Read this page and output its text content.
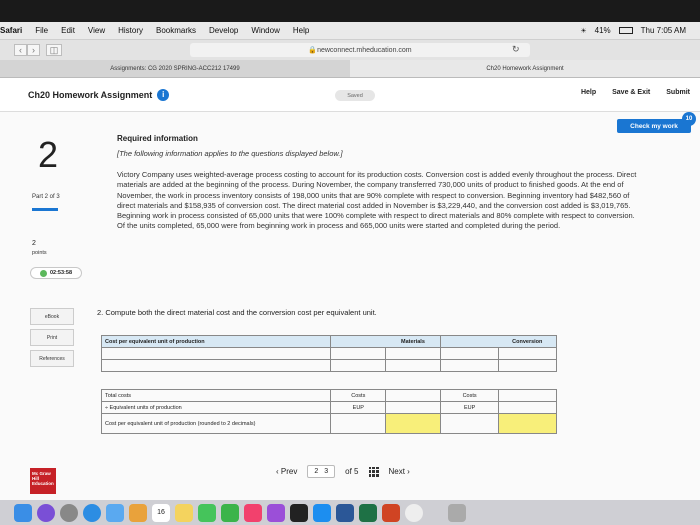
Safari File Edit View History Bookmarks Develop Window Help	☀ 41%	Thu 7:05 AM
‹	›	◫	🔒 newconnect.mheducation.com	↻
Assignments: CG 2020 SPRING-ACC212 17499	Ch20 Homework Assignment
Ch20 Homework Assignment	i	Saved	Help Save & Exit Submit
Check my work
10
2
Part 2 of 3
2
points
02:53:58
eBook
Print
References
Required information
[The following information applies to the questions displayed below.]
Victory Company uses weighted-average process costing to account for its production costs. Conversion cost is added evenly throughout the process. Direct materials are added at the beginning of the process. During November, the company transferred 730,000 units of product to finished goods. At the end of November, the work in process inventory consists of 198,000 units that are 90% complete with respect to conversion. Beginning inventory had $482,560 of direct materials and $158,935 of conversion cost. The direct material cost added in November is $3,229,440, and the conversion cost added is $3,019,765. Beginning work in process consisted of 65,000 units that were 100% complete with respect to direct materials and 80% complete with respect to conversion. Of the units completed, 65,000 were from beginning work in process and 665,000 units were started and completed during the period.
2. Compute both the direct material cost and the conversion cost per equivalent unit.
Cost per equivalent unit of production		Materials		Conversion

Total costs	Costs		Costs	
÷ Equivalent units of production	EUP		EUP	
Cost per equivalent unit of production (rounded to 2 decimals)				
‹ Prev 2 3 of 5	Next ›
Mc Graw Hill Education
16
